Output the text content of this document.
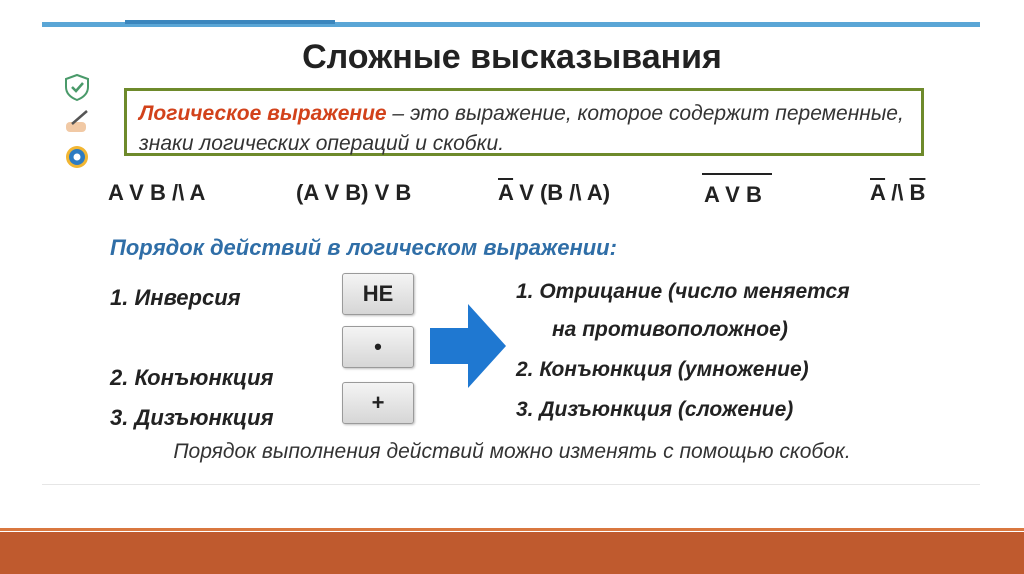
Сложные высказывания
Логическое выражение – это выражение, которое содержит переменные, знаки логических операций и скобки.
A V B /\ A	(A V B) V B	$\overline{A}$ V (B /\ A)	A V B	$\overline{A}$ /\ $\overline{B}$
Порядок действий в логическом выражении:
1. Инверсия
2. Конъюнкция
3. Дизъюнкция
НЕ
•
+
1. Отрицание (число меняется
на противоположное)
2. Конъюнкция (умножение)
3. Дизъюнкция (сложение)
Порядок выполнения действий можно изменять с помощью скобок.
